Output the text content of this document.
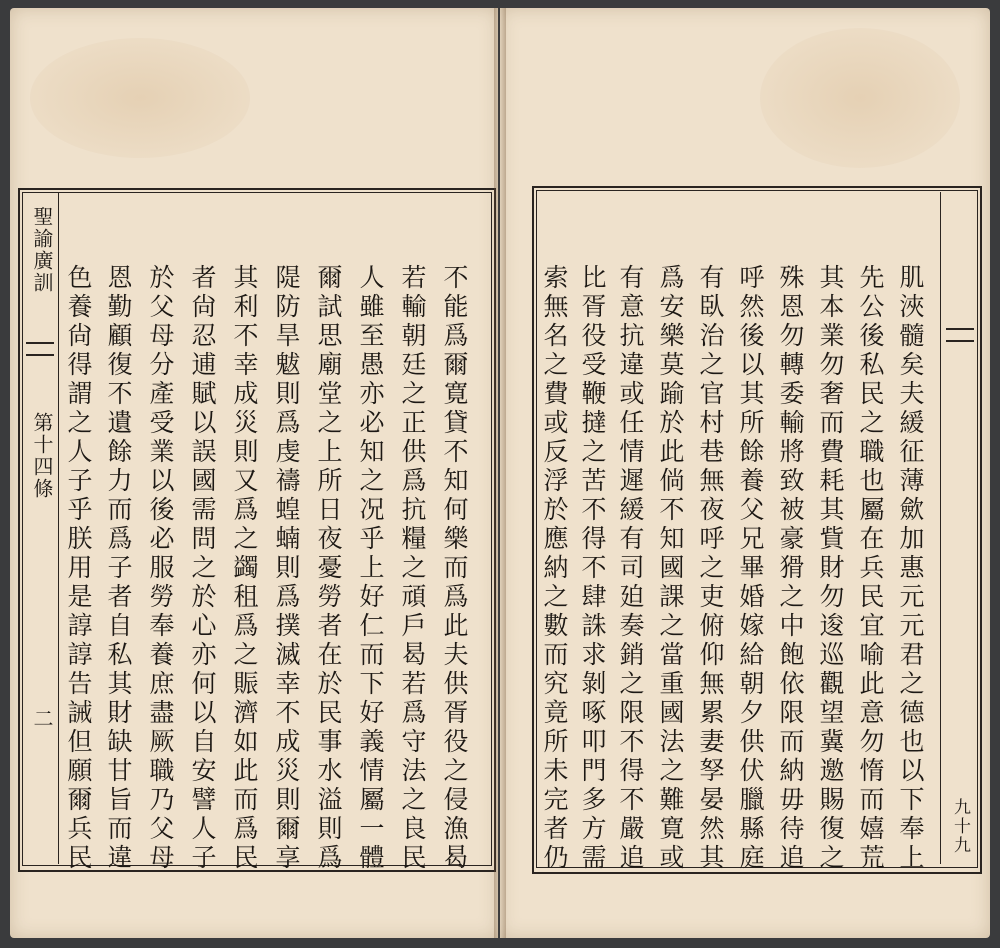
聖諭廣訓
第十四條
二	不能爲爾寛貸不知何樂而爲此夫供胥役之侵漁曷
若輸朝廷之正供爲抗糧之頑戶曷若爲守法之良民
人雖至愚亦必知之况乎上好仁而下好義情屬一體
爾試思廟堂之上所日夜憂勞者在於民事水溢則爲
隄防旱魃則爲虔禱蝗蝻則爲撲滅幸不成災則爾享
其利不幸成災則又爲之蠲租爲之賑濟如此而爲民
者尙忍逋賦以誤國需問之於心亦何以自安譬人子
於父母分產受業以後必服勞奉養庶盡厥職乃父母
恩勤顧復不遺餘力而爲子者自私其財缺甘旨而違
色養尙得謂之人子乎朕用是諄諄告誡但願爾兵民	九十九
肌浹髓矣夫緩征薄歛加惠元元君之德也以下奉上
先公後私民之職也屬在兵民宜喻此意勿惰而嬉荒
其本業勿奢而費耗其貲財勿逡巡觀望冀邀賜復之
殊恩勿轉委輸將致被豪猾之中飽依限而納毋待追
呼然後以其所餘養父兄畢婚嫁給朝夕供伏臘縣庭
有臥治之官村巷無夜呼之吏俯仰無累妻孥晏然其
爲安樂莫踰於此倘不知國課之當重國法之難寛或
有意抗違或任情遲緩有司廹奏銷之限不得不嚴追
比胥役受鞭撻之苦不得不肆誅求剝啄叩門多方需
索無名之費或反浮於應納之數而究竟所未完者仍
